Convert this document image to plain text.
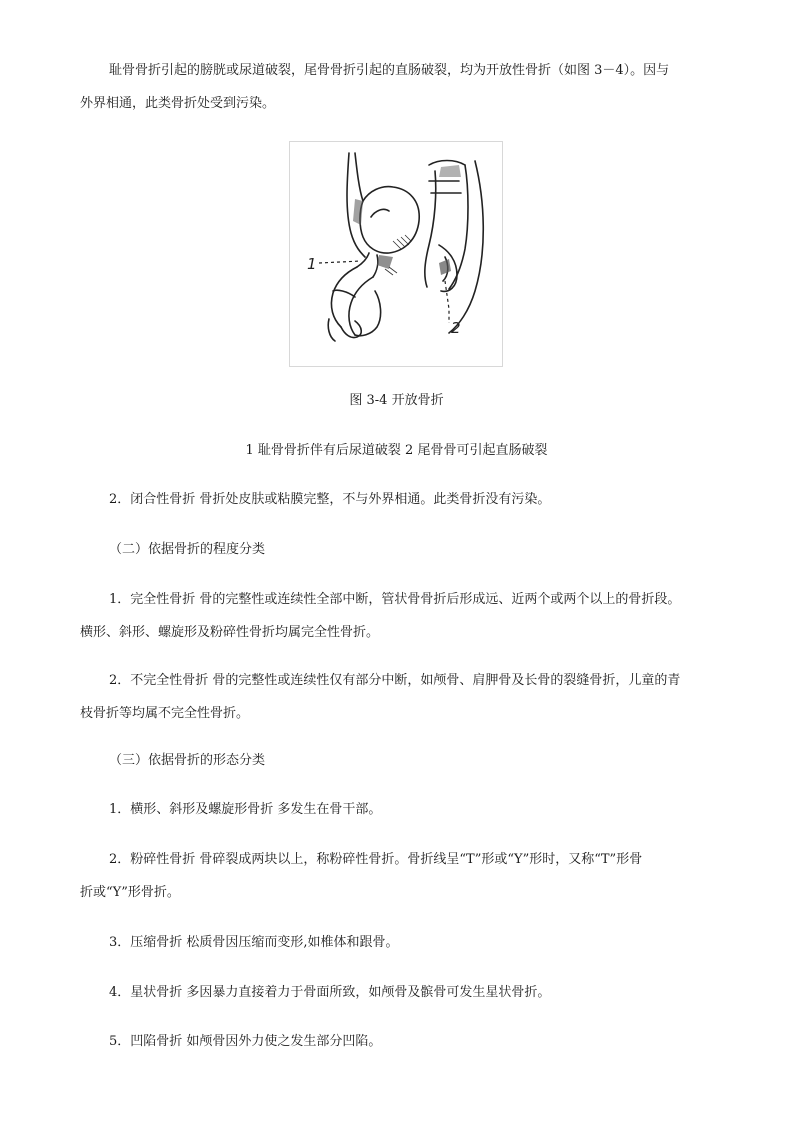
耻骨骨折引起的膀胱或尿道破裂，尾骨骨折引起的直肠破裂，均为开放性骨折（如图 3－4）。因与
外界相通，此类骨折处受到污染。
1
2
图 3-4 开放骨折
1 耻骨骨折伴有后尿道破裂 2 尾骨骨可引起直肠破裂
2．闭合性骨折 骨折处皮肤或粘膜完整，不与外界相通。此类骨折没有污染。
（二）依据骨折的程度分类
1．完全性骨折 骨的完整性或连续性全部中断，管状骨骨折后形成远、近两个或两个以上的骨折段。
横形、斜形、螺旋形及粉碎性骨折均属完全性骨折。
2．不完全性骨折 骨的完整性或连续性仅有部分中断，如颅骨、肩胛骨及长骨的裂缝骨折，儿童的青
枝骨折等均属不完全性骨折。
（三）依据骨折的形态分类
1．横形、斜形及螺旋形骨折 多发生在骨干部。
2．粉碎性骨折 骨碎裂成两块以上，称粉碎性骨折。骨折线呈“T”形或“Y”形时，又称“T”形骨
折或“Y”形骨折。
3．压缩骨折 松质骨因压缩而变形,如椎体和跟骨。
4．星状骨折 多因暴力直接着力于骨面所致，如颅骨及髌骨可发生星状骨折。
5．凹陷骨折 如颅骨因外力使之发生部分凹陷。
